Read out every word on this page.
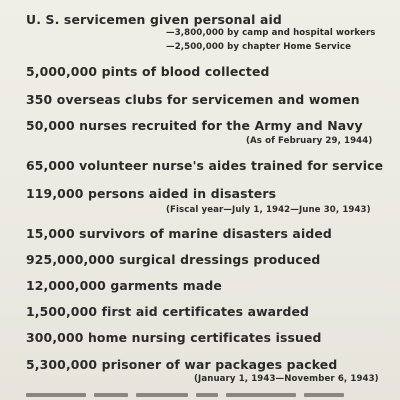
U. S. servicemen given personal aid
—3,800,000 by camp and hospital workers
—2,500,000 by chapter Home Service
5,000,000 pints of blood collected
350 overseas clubs for servicemen and women
50,000 nurses recruited for the Army and Navy
(As of February 29, 1944)
65,000 volunteer nurse's aides trained for service
119,000 persons aided in disasters
(Fiscal year—July 1, 1942—June 30, 1943)
15,000 survivors of marine disasters aided
925,000,000 surgical dressings produced
12,000,000 garments made
1,500,000 first aid certificates awarded
300,000 home nursing certificates issued
5,300,000 prisoner of war packages packed
(January 1, 1943—November 6, 1943)
